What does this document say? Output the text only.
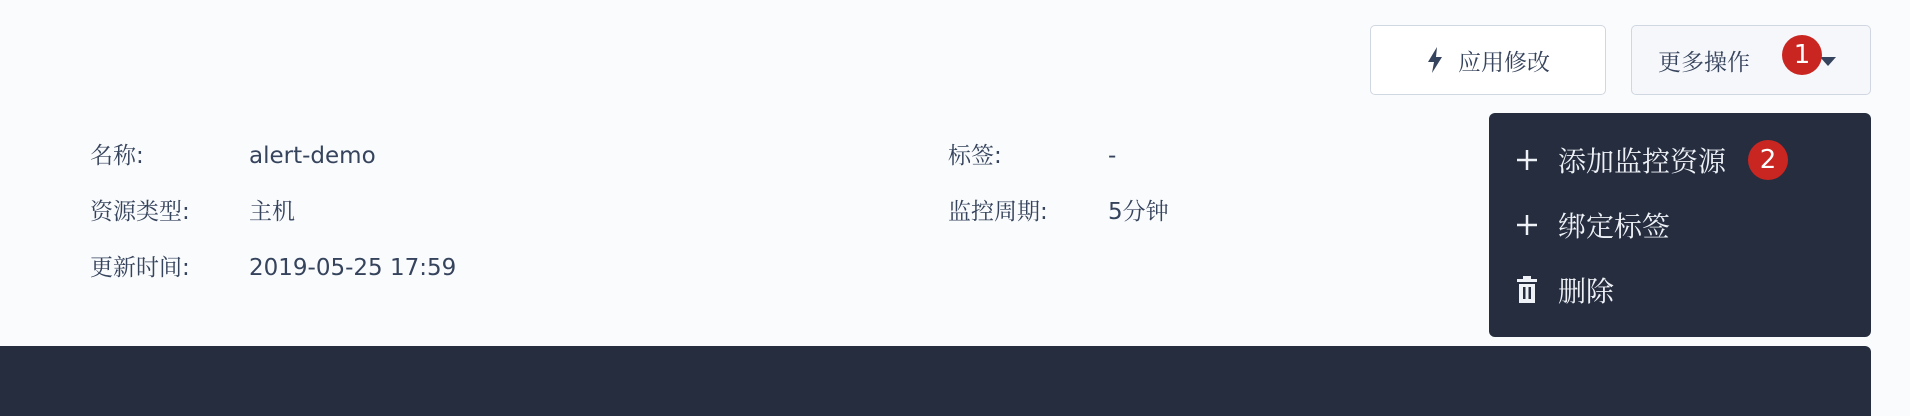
应用修改	更多操作	1
名称:	alert-demo
资源类型:	主机
更新时间:	2019-05-25 17:59
标签:	-
监控周期:	5分钟
添加监控资源	2
绑定标签
删除
